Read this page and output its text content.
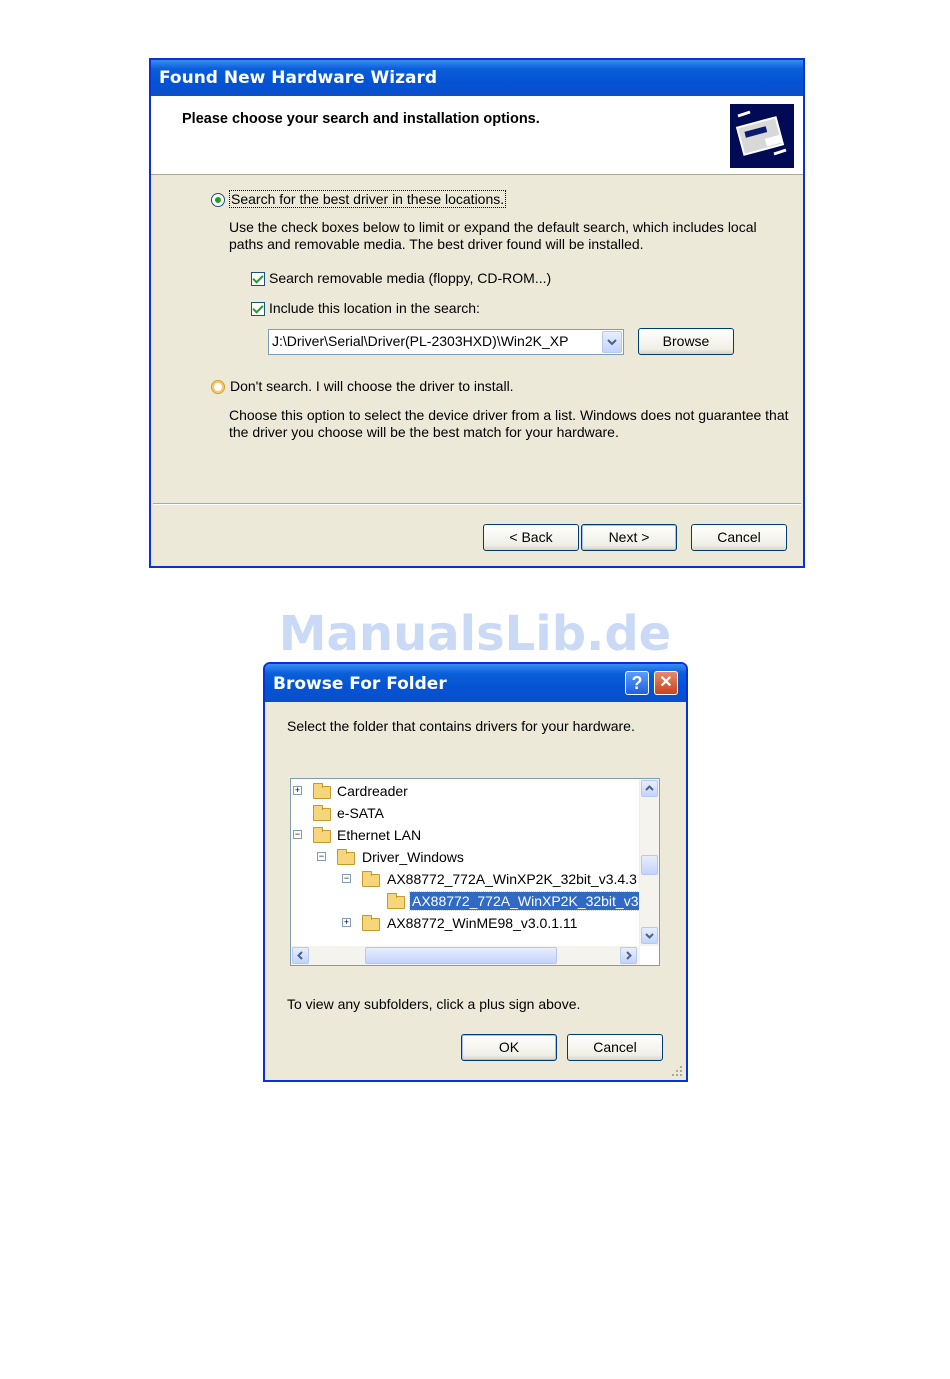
Found New Hardware Wizard
Please choose your search and installation options.
Search for the best driver in these locations.
Use the check boxes below to limit or expand the default search, which includes local
paths and removable media. The best driver found will be installed.
Search removable media (floppy, CD-ROM...)
Include this location in the search:
J:\Driver\Serial\Driver(PL-2303HXD)\Win2K_XP	Browse
Don't search. I will choose the driver to install.
Choose this option to select the device driver from a list. Windows does not guarantee that
the driver you choose will be the best match for your hardware.
< Back	Next >	Cancel
ManualsLib.de
Browse For Folder	?	✕
Select the folder that contains drivers for your hardware.
+	Cardreader
e-SATA
−	Ethernet LAN
−	Driver_Windows
−	AX88772_772A_WinXP2K_32bit_v3.4.3
AX88772_772A_WinXP2K_32bit_v3
+	AX88772_WinME98_v3.0.1.11
To view any subfolders, click a plus sign above.
OK	Cancel
